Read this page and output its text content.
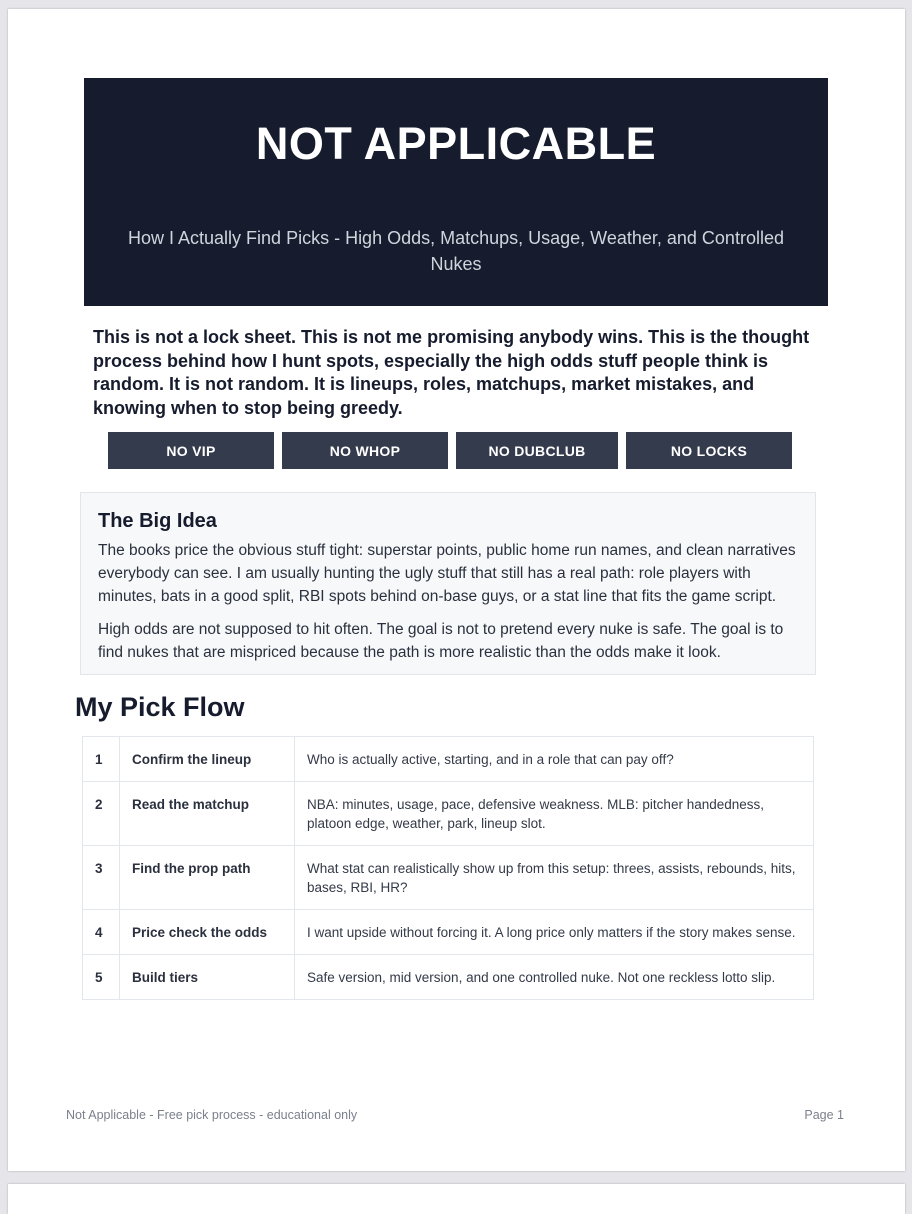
NOT APPLICABLE
How I Actually Find Picks - High Odds, Matchups, Usage, Weather, and Controlled Nukes
This is not a lock sheet. This is not me promising anybody wins. This is the thought process behind how I hunt spots, especially the high odds stuff people think is random. It is not random. It is lineups, roles, matchups, market mistakes, and knowing when to stop being greedy.
NO VIP	NO WHOP	NO DUBCLUB	NO LOCKS
The Big Idea

The books price the obvious stuff tight: superstar points, public home run names, and clean narratives everybody can see. I am usually hunting the ugly stuff that still has a real path: role players with minutes, bats in a good split, RBI spots behind on-base guys, or a stat line that fits the game script.

High odds are not supposed to hit often. The goal is not to pretend every nuke is safe. The goal is to find nukes that are mispriced because the path is more realistic than the odds make it look.

My Pick Flow
1	Confirm the lineup	Who is actually active, starting, and in a role that can pay off?
2	Read the matchup	NBA: minutes, usage, pace, defensive weakness. MLB: pitcher handedness, platoon edge, weather, park, lineup slot.
3	Find the prop path	What stat can realistically show up from this setup: threes, assists, rebounds, hits, bases, RBI, HR?
4	Price check the odds	I want upside without forcing it. A long price only matters if the story makes sense.
5	Build tiers	Safe version, mid version, and one controlled nuke. Not one reckless lotto slip.
Not Applicable - Free pick process - educational only	Page 1
